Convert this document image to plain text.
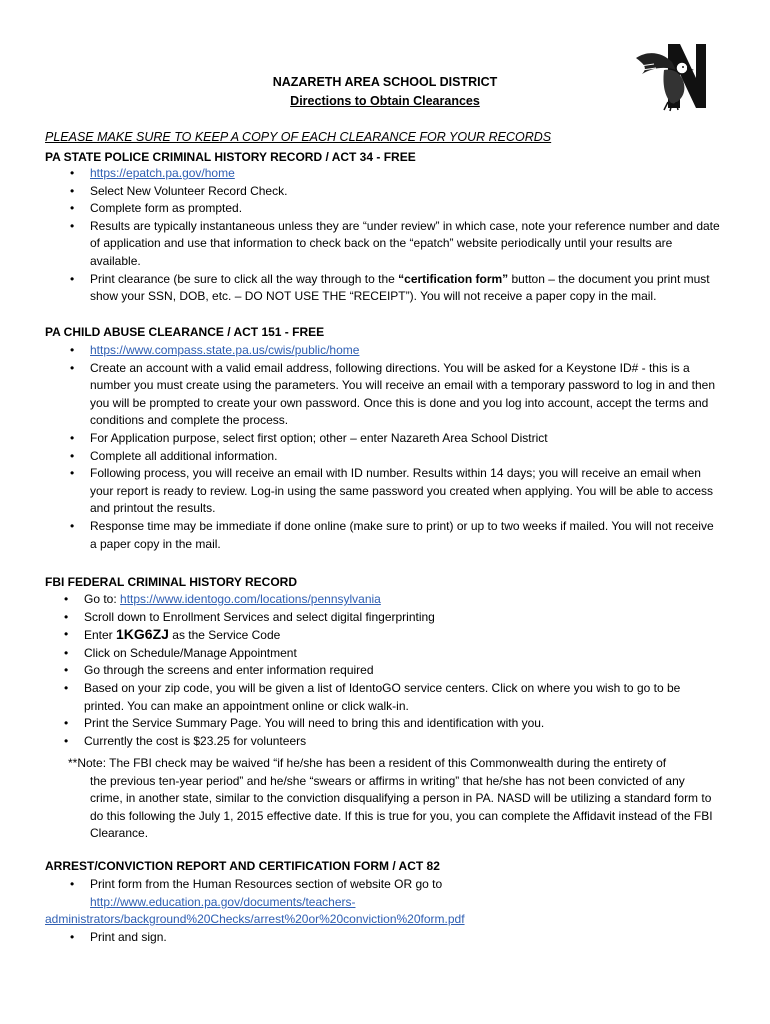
NAZARETH AREA SCHOOL DISTRICT
Directions to Obtain Clearances
PLEASE MAKE SURE TO KEEP A COPY OF EACH CLEARANCE FOR YOUR RECORDS
PA STATE POLICE CRIMINAL HISTORY RECORD / ACT 34 - FREE
• https://epatch.pa.gov/home
• Select New Volunteer Record Check.
• Complete form as prompted.
• Results are typically instantaneous unless they are “under review” in which case, note your reference number and date of application and use that information to check back on the “epatch” website periodically until your results are available.
• Print clearance (be sure to click all the way through to the “certification form” button – the document you print must show your SSN, DOB, etc. – DO NOT USE THE “RECEIPT”). You will not receive a paper copy in the mail.
PA CHILD ABUSE CLEARANCE / ACT 151 - FREE
• https://www.compass.state.pa.us/cwis/public/home
• Create an account with a valid email address, following directions. You will be asked for a Keystone ID# - this is a number you must create using the parameters. You will receive an email with a temporary password to log in and then you will be prompted to create your own password. Once this is done and you log into account, accept the terms and conditions and complete the process.
• For Application purpose, select first option; other – enter Nazareth Area School District
• Complete all additional information.
• Following process, you will receive an email with ID number. Results within 14 days; you will receive an email when your report is ready to review. Log-in using the same password you created when applying. You will be able to access and printout the results.
• Response time may be immediate if done online (make sure to print) or up to two weeks if mailed. You will not receive a paper copy in the mail.
FBI FEDERAL CRIMINAL HISTORY RECORD
• Go to: https://www.identogo.com/locations/pennsylvania
• Scroll down to Enrollment Services and select digital fingerprinting
• Enter 1KG6ZJ as the Service Code
• Click on Schedule/Manage Appointment
• Go through the screens and enter information required
• Based on your zip code, you will be given a list of IdentoGO service centers. Click on where you wish to go to be printed. You can make an appointment online or click walk-in.
• Print the Service Summary Page. You will need to bring this and identification with you.
• Currently the cost is $23.25 for volunteers
**Note: The FBI check may be waived “if he/she has been a resident of this Commonwealth during the entirety of
the previous ten-year period” and he/she “swears or affirms in writing” that he/she has not been convicted of any crime, in another state, similar to the conviction disqualifying a person in PA. NASD will be utilizing a standard form to do this following the July 1, 2015 effective date. If this is true for you, you can complete the Affidavit instead of the FBI Clearance.
ARREST/CONVICTION REPORT AND CERTIFICATION FORM / ACT 82
• Print form from the Human Resources section of website OR go to
http://www.education.pa.gov/documents/teachers-
administrators/background%20Checks/arrest%20or%20conviction%20form.pdf
• Print and sign.
